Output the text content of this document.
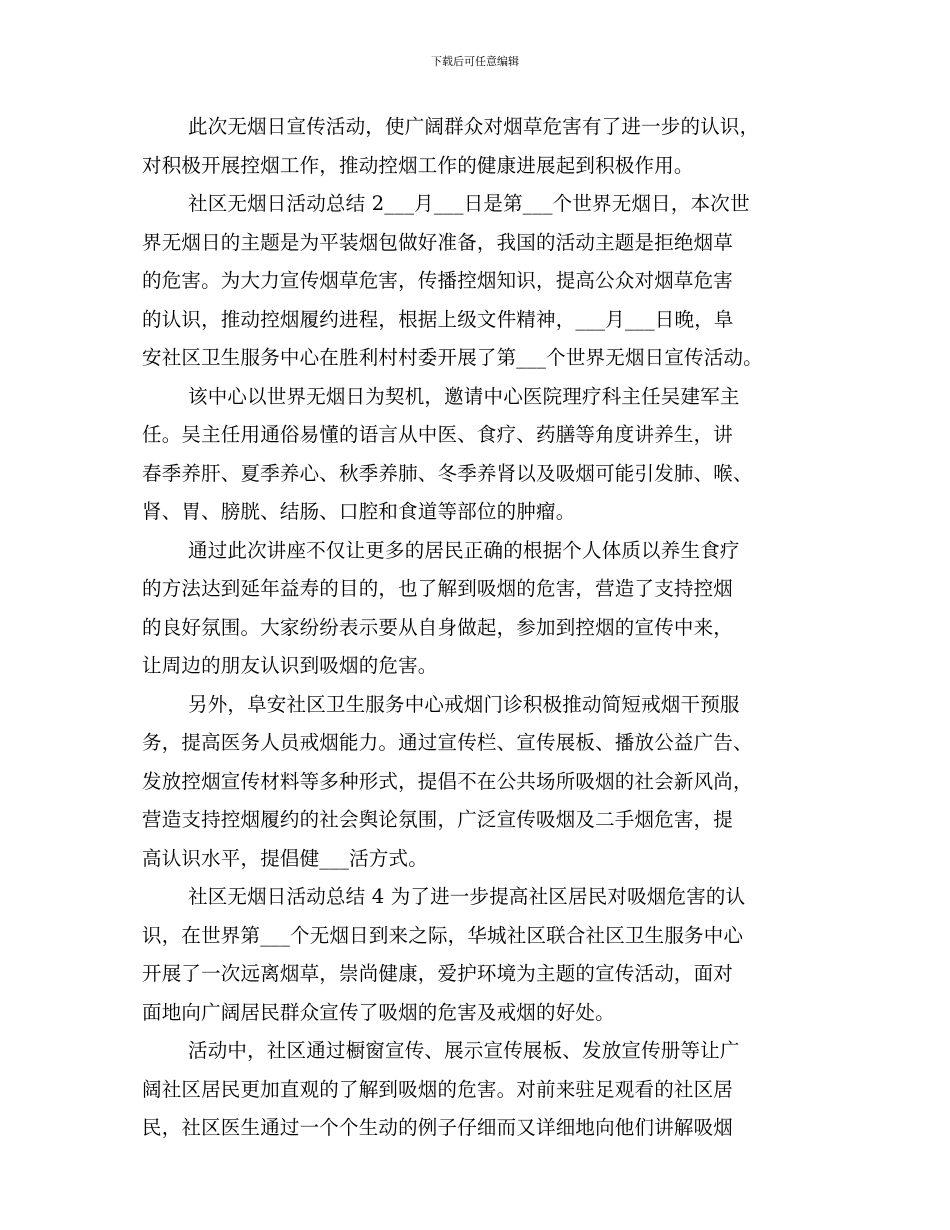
下载后可任意编辑
此次无烟日宣传活动，使广阔群众对烟草危害有了进一步的认识，
对积极开展控烟工作，推动控烟工作的健康进展起到积极作用。
社区无烟日活动总结 2___月___日是第___个世界无烟日，本次世
界无烟日的主题是为平装烟包做好准备，我国的活动主题是拒绝烟草
的危害。为大力宣传烟草危害，传播控烟知识，提高公众对烟草危害
的认识，推动控烟履约进程，根据上级文件精神，___月___日晚，阜
安社区卫生服务中心在胜利村村委开展了第___个世界无烟日宣传活动。
该中心以世界无烟日为契机，邀请中心医院理疗科主任吴建军主
任。吴主任用通俗易懂的语言从中医、食疗、药膳等角度讲养生，讲
春季养肝、夏季养心、秋季养肺、冬季养肾以及吸烟可能引发肺、喉、
肾、胃、膀胱、结肠、口腔和食道等部位的肿瘤。
通过此次讲座不仅让更多的居民正确的根据个人体质以养生食疗
的方法达到延年益寿的目的，也了解到吸烟的危害，营造了支持控烟
的良好氛围。大家纷纷表示要从自身做起，参加到控烟的宣传中来，
让周边的朋友认识到吸烟的危害。
另外，阜安社区卫生服务中心戒烟门诊积极推动简短戒烟干预服
务，提高医务人员戒烟能力。通过宣传栏、宣传展板、播放公益广告、
发放控烟宣传材料等多种形式，提倡不在公共场所吸烟的社会新风尚，
营造支持控烟履约的社会舆论氛围，广泛宣传吸烟及二手烟危害，提
高认识水平，提倡健___活方式。
社区无烟日活动总结 4 为了进一步提高社区居民对吸烟危害的认
识，在世界第___个无烟日到来之际，华城社区联合社区卫生服务中心
开展了一次远离烟草，崇尚健康，爱护环境为主题的宣传活动，面对
面地向广阔居民群众宣传了吸烟的危害及戒烟的好处。
活动中，社区通过橱窗宣传、展示宣传展板、发放宣传册等让广
阔社区居民更加直观的了解到吸烟的危害。对前来驻足观看的社区居
民，社区医生通过一个个生动的例子仔细而又详细地向他们讲解吸烟
